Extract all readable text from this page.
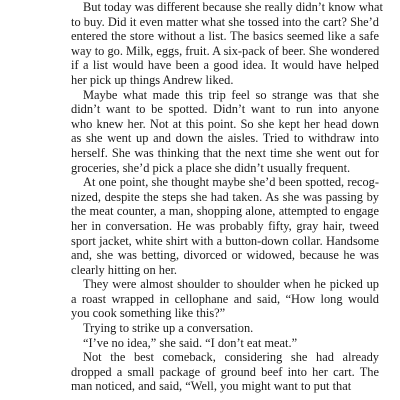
But today was different because she really didn’t know what
to buy. Did it even matter what she tossed into the cart? She’d
entered the store without a list. The basics seemed like a safe
way to go. Milk, eggs, fruit. A six-pack of beer. She wondered
if a list would have been a good idea. It would have helped
her pick up things Andrew liked.
Maybe what made this trip feel so strange was that she
didn’t want to be spotted. Didn’t want to run into anyone
who knew her. Not at this point. So she kept her head down
as she went up and down the aisles. Tried to withdraw into
herself. She was thinking that the next time she went out for
groceries, she’d pick a place she didn’t usually frequent.
At one point, she thought maybe she’d been spotted, recog-
nized, despite the steps she had taken. As she was passing by
the meat counter, a man, shopping alone, attempted to engage
her in conversation. He was probably fifty, gray hair, tweed
sport jacket, white shirt with a button-down collar. Handsome
and, she was betting, divorced or widowed, because he was
clearly hitting on her.
They were almost shoulder to shoulder when he picked up
a roast wrapped in cellophane and said, “How long would
you cook something like this?”
Trying to strike up a conversation.
“I’ve no idea,” she said. “I don’t eat meat.”
Not the best comeback, considering she had already
dropped a small package of ground beef into her cart. The
man noticed, and said, “Well, you might want to put that
